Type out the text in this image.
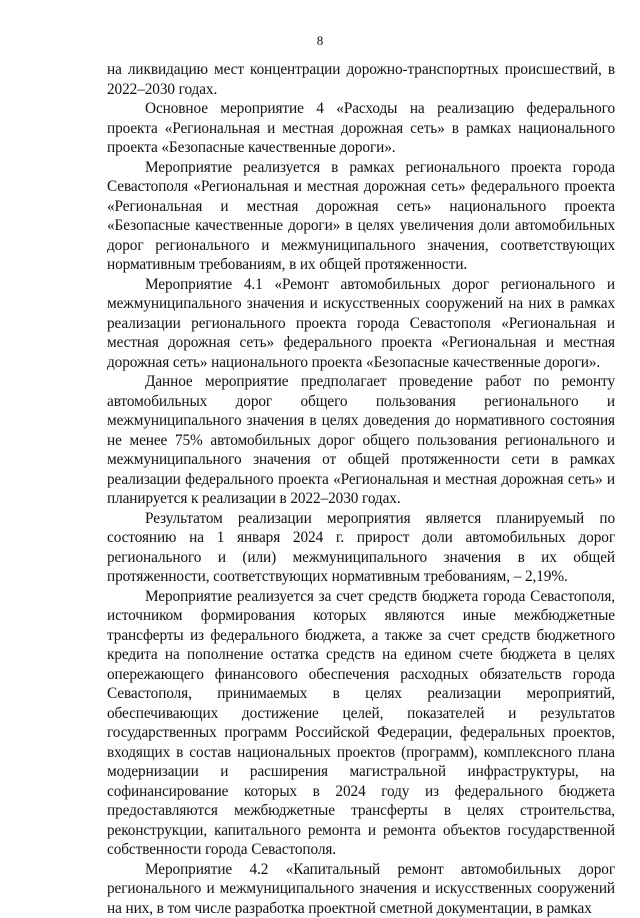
8

на ликвидацию мест концентрации дорожно-транспортных происшествий, в 2022–2030 годах.

Основное мероприятие 4 «Расходы на реализацию федерального проекта «Региональная и местная дорожная сеть» в рамках национального проекта «Безопасные качественные дороги».

Мероприятие реализуется в рамках регионального проекта города Севастополя «Региональная и местная дорожная сеть» федерального проекта «Региональная и местная дорожная сеть» национального проекта «Безопасные качественные дороги» в целях увеличения доли автомобильных дорог регионального и межмуниципального значения, соответствующих нормативным требованиям, в их общей протяженности.

Мероприятие 4.1 «Ремонт автомобильных дорог регионального и межмуниципального значения и искусственных сооружений на них в рамках реализации регионального проекта города Севастополя «Региональная и местная дорожная сеть» федерального проекта «Региональная и местная дорожная сеть» национального проекта «Безопасные качественные дороги».

Данное мероприятие предполагает проведение работ по ремонту автомобильных дорог общего пользования регионального и межмуниципального значения в целях доведения до нормативного состояния не менее 75% автомобильных дорог общего пользования регионального и межмуниципального значения от общей протяженности сети в рамках реализации федерального проекта «Региональная и местная дорожная сеть» и планируется к реализации в 2022–2030 годах.

Результатом реализации мероприятия является планируемый по состоянию на 1 января 2024 г. прирост доли автомобильных дорог регионального и (или) межмуниципального значения в их общей протяженности, соответствующих нормативным требованиям, – 2,19%.

Мероприятие реализуется за счет средств бюджета города Севастополя, источником формирования которых являются иные межбюджетные трансферты из федерального бюджета, а также за счет средств бюджетного кредита на пополнение остатка средств на едином счете бюджета в целях опережающего финансового обеспечения расходных обязательств города Севастополя, принимаемых в целях реализации мероприятий, обеспечивающих достижение целей, показателей и результатов государственных программ Российской Федерации, федеральных проектов, входящих в состав национальных проектов (программ), комплексного плана модернизации и расширения магистральной инфраструктуры, на софинансирование которых в 2024 году из федерального бюджета предоставляются межбюджетные трансферты в целях строительства, реконструкции, капитального ремонта и ремонта объектов государственной собственности города Севастополя.

Мероприятие 4.2 «Капитальный ремонт автомобильных дорог регионального и межмуниципального значения и искусственных сооружений на них, в том числе разработка проектной сметной документации, в рамках
